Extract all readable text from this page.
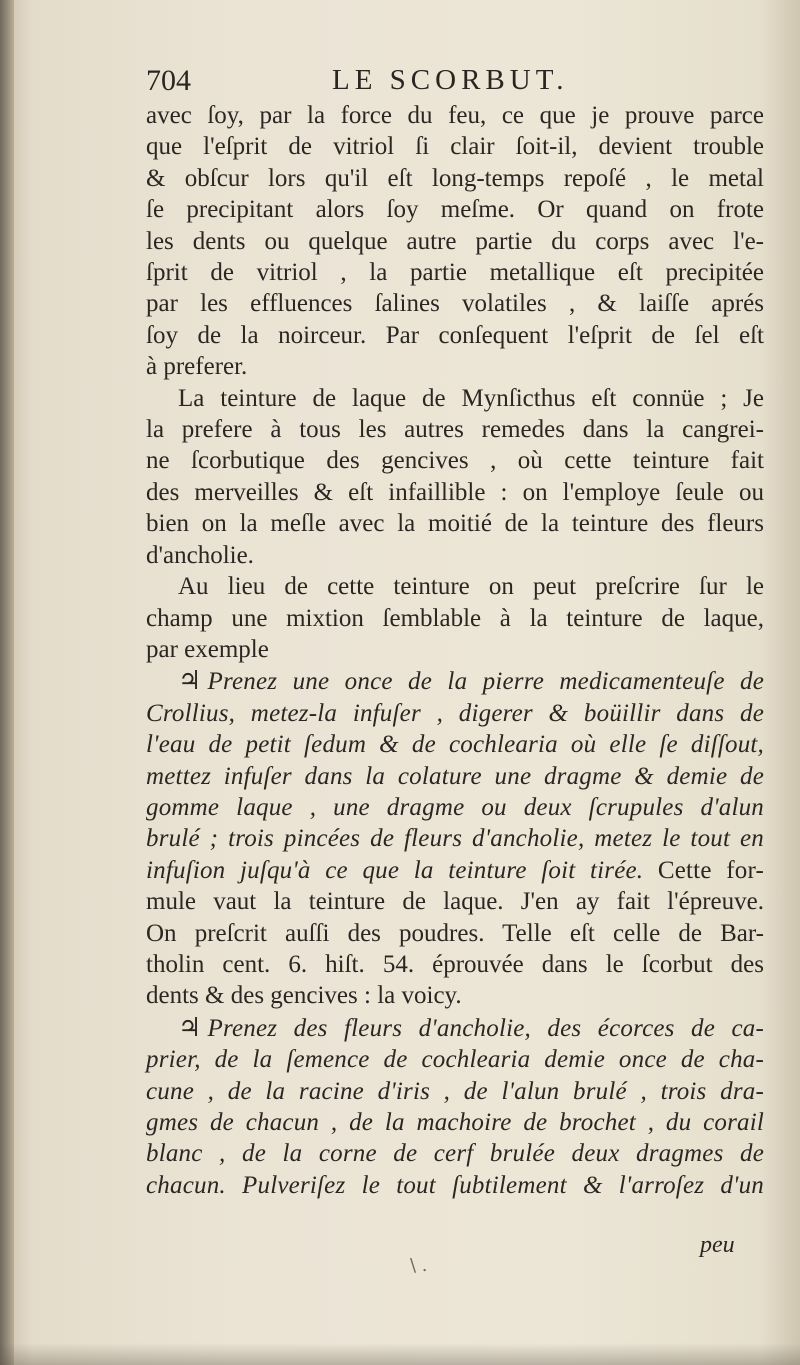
704	LE SCORBUT.

avec ſoy, par la force du feu, ce que je prouve parce
que l'eſprit de vitriol ſi clair ſoit-il, devient trouble
& obſcur lors qu'il eſt long-temps repoſé , le metal
ſe precipitant alors ſoy meſme. Or quand on frote
les dents ou quelque autre partie du corps avec l'e-
ſprit de vitriol , la partie metallique eſt precipitée
par les effluences ſalines volatiles , & laiſſe aprés
ſoy de la noirceur. Par conſequent l'eſprit de ſel eſt
à preferer.

La teinture de laque de Mynſicthus eſt connüe ; Je
la prefere à tous les autres remedes dans la cangrei-
ne ſcorbutique des gencives , où cette teinture fait
des merveilles & eſt infaillible : on l'employe ſeule ou
bien on la meſle avec la moitié de la teinture des fleurs
d'ancholie.

Au lieu de cette teinture on peut preſcrire ſur le
champ une mixtion ſemblable à la teinture de laque,
par exemple

♃ Prenez une once de la pierre medicamenteuſe de
Crollius, metez-la infuſer , digerer & boüillir dans de
l'eau de petit ſedum & de cochlearia où elle ſe diſſout,
mettez infuſer dans la colature une dragme & demie de
gomme laque , une dragme ou deux ſcrupules d'alun
brulé ; trois pincées de fleurs d'ancholie, metez le tout en
infuſion juſqu'à ce que la teinture ſoit tirée. Cette for-

mule vaut la teinture de laque. J'en ay fait l'épreuve.
On preſcrit auſſi des poudres. Telle eſt celle de Bar-
tholin cent. 6. hiſt. 54. éprouvée dans le ſcorbut des
dents & des gencives : la voicy.

♃ Prenez des fleurs d'ancholie, des écorces de ca-
prier, de la ſemence de cochlearia demie once de cha-
cune , de la racine d'iris , de l'alun brulé , trois dra-
gmes de chacun , de la machoire de brochet , du corail
blanc , de la corne de cerf brulée deux dragmes de
chacun. Pulveriſez le tout ſubtilement & l'arroſez d'un

peu
\ .
